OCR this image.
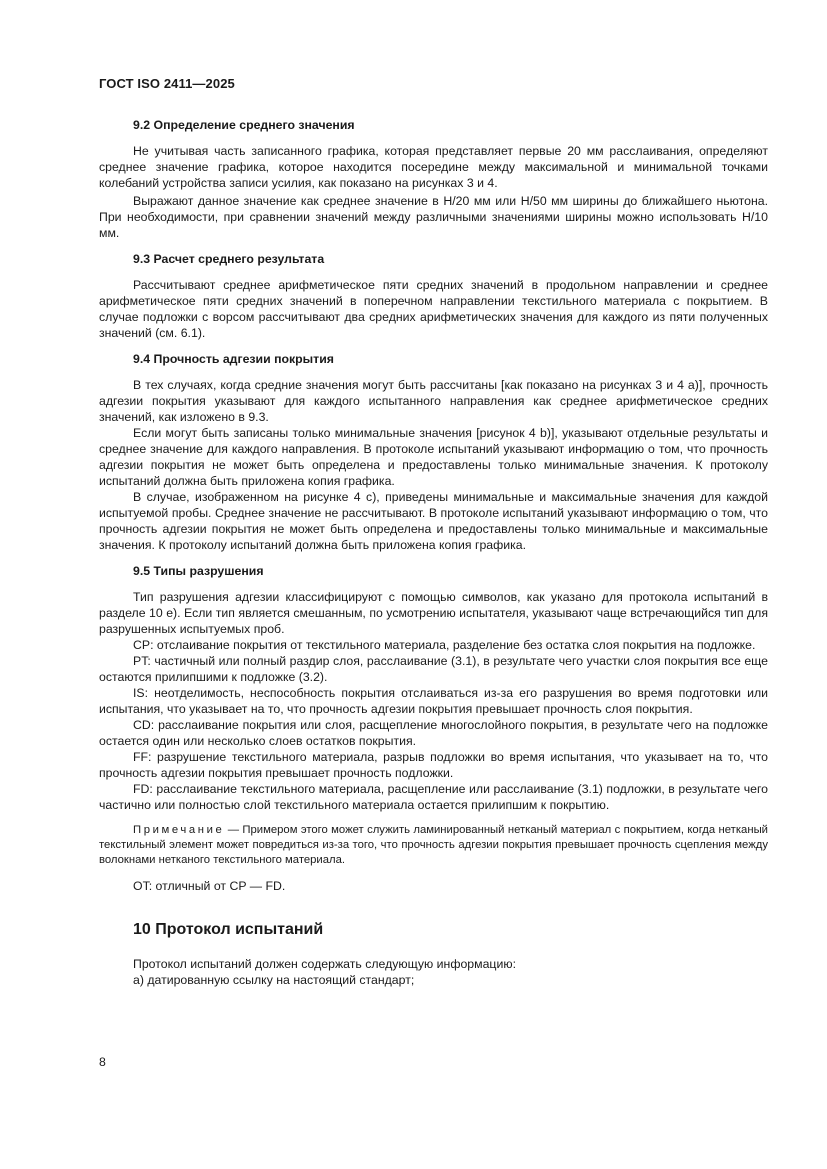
ГОСТ ISO 2411—2025
9.2 Определение среднего значения

Не учитывая часть записанного графика, которая представляет первые 20 мм расслаивания, определяют среднее значение графика, которое находится посередине между максимальной и минимальной точками колебаний устройства записи усилия, как показано на рисунках 3 и 4.

Выражают данное значение как среднее значение в Н/20 мм или Н/50 мм ширины до ближайшего ньютона. При необходимости, при сравнении значений между различными значениями ширины можно использовать Н/10 мм.

9.3 Расчет среднего результата

Рассчитывают среднее арифметическое пяти средних значений в продольном направлении и среднее арифметическое пяти средних значений в поперечном направлении текстильного материала с покрытием. В случае подложки с ворсом рассчитывают два средних арифметических значения для каждого из пяти полученных значений (см. 6.1).

9.4 Прочность адгезии покрытия

В тех случаях, когда средние значения могут быть рассчитаны [как показано на рисунках 3 и 4 а)], прочность адгезии покрытия указывают для каждого испытанного направления как среднее арифметическое средних значений, как изложено в 9.3.

Если могут быть записаны только минимальные значения [рисунок 4 b)], указывают отдельные результаты и среднее значение для каждого направления. В протоколе испытаний указывают информацию о том, что прочность адгезии покрытия не может быть определена и предоставлены только минимальные значения. К протоколу испытаний должна быть приложена копия графика.

В случае, изображенном на рисунке 4 с), приведены минимальные и максимальные значения для каждой испытуемой пробы. Среднее значение не рассчитывают. В протоколе испытаний указывают информацию о том, что прочность адгезии покрытия не может быть определена и предоставлены только минимальные и максимальные значения. К протоколу испытаний должна быть приложена копия графика.

9.5 Типы разрушения

Тип разрушения адгезии классифицируют с помощью символов, как указано для протокола испытаний в разделе 10 е). Если тип является смешанным, по усмотрению испытателя, указывают чаще встречающийся тип для разрушенных испытуемых проб.

CP: отслаивание покрытия от текстильного материала, разделение без остатка слоя покрытия на подложке.

PT: частичный или полный раздир слоя, расслаивание (3.1), в результате чего участки слоя покрытия все еще остаются прилипшими к подложке (3.2).

IS: неотделимость, неспособность покрытия отслаиваться из-за его разрушения во время подготовки или испытания, что указывает на то, что прочность адгезии покрытия превышает прочность слоя покрытия.

CD: расслаивание покрытия или слоя, расщепление многослойного покрытия, в результате чего на подложке остается один или несколько слоев остатков покрытия.

FF: разрушение текстильного материала, разрыв подложки во время испытания, что указывает на то, что прочность адгезии покрытия превышает прочность подложки.

FD: расслаивание текстильного материала, расщепление или расслаивание (3.1) подложки, в результате чего частично или полностью слой текстильного материала остается прилипшим к покрытию.

Примечание — Примером этого может служить ламинированный нетканый материал с покрытием, когда нетканый текстильный элемент может повредиться из-за того, что прочность адгезии покрытия превышает прочность сцепления между волокнами нетканого текстильного материала.

OT: отличный от CP — FD.

10 Протокол испытаний

Протокол испытаний должен содержать следующую информацию:

а) датированную ссылку на настоящий стандарт;

8
